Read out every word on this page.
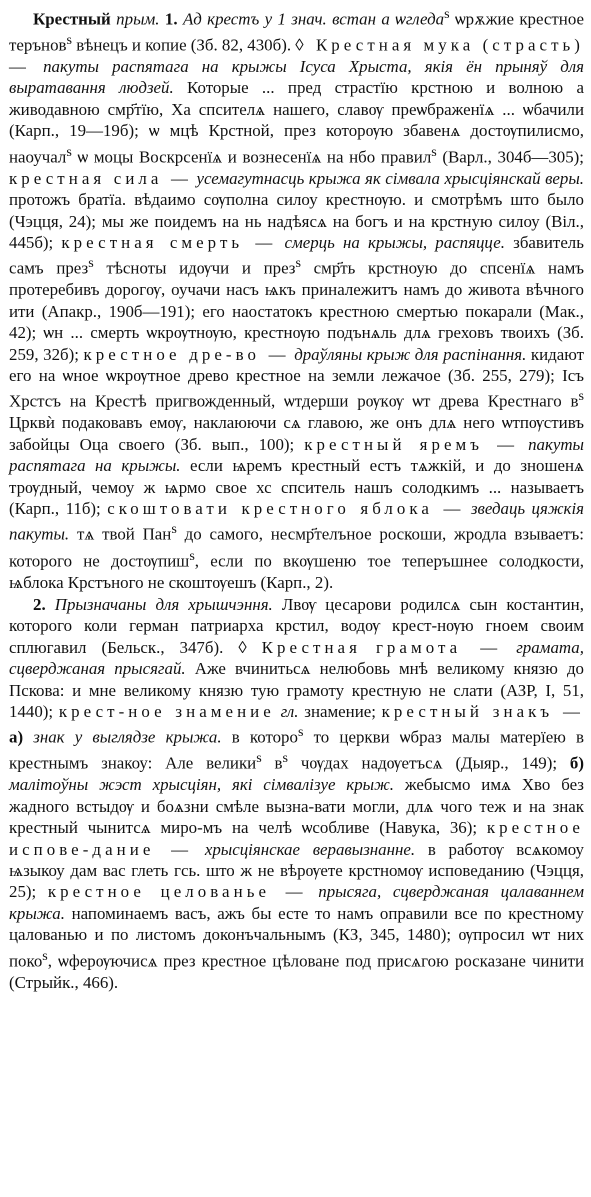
Крестный прым. 1. Ад крестъ у 1 знач. встан а ѡгледа$^s$ ѡрѫжие крестное терънов$^s$ вѣнецъ и копие (Зб. 82, 430б). ◊ Крестная мука (страсть) — пакуты распятага на крыжы Ісуса Хрыста, якія ён прыняў для выратавання людзей. Которые ... пред страстїю крстною и волною а живодавною смр҃тїю, Ха спсителѧ нашего, славѹ преѡбраженїѧ ... ѡбачили (Карп., 19—19б); ѡ мцѣ Крстной, през которѹю збавенѧ достѹпилисмо, наоучал$^s$ ѡ моцы Воскрсенїѧ и вознесенїѧ на нбо правил$^s$ (Варл., 304б—305); крестная сила — усемагутнасць крыжа як сімвала хрысціянскай веры. протожъ братїа. вѣдаимо сѹполна силоу крестнѹю. и смотрѣмъ што было (Чэцця, 24); мы же поидемъ на нь надѣясѧ на богъ и на крстную силоу (Віл., 445б); крестная смерть — смерць на крыжы, распяцце. збавитель самъ през$^s$ тѣсноты идѹчи и през$^s$ смр҃ть крстноую до спсенїѧ намъ протеребивъ дорогѹ, оучачи насъ ѩкъ приналежитъ намъ до живота вѣчного ити (Апакр., 190б—191); его наостатокъ крестною смертью покарали (Мак., 42); ѡн ... смерть ѡкрѹтнѹю, крестнѹю подънѧль длѧ греховъ твоихъ (Зб. 259, 32б); крестное дре-во — драўляны крыж для распінання. кидают его на ѡное ѡкрѹтное древо крестное на земли лежачое (Зб. 255, 279); Ісъ Хрстсъ на Крестѣ пригвожденный, ѡтдерши рѹкѹ ѡт древа Крестнаго $в^s$ Црквѝ подаковавъ емѹ, наклаюючи сѧ главою, же онъ длѧ него ѡтпѹстивъ забойцы Оца своего (Зб. вып., 100); крестный яремъ — пакуты распятага на крыжы. если ѩремъ крестный естъ тѧжкій, и до зношенѧ трѹдный, чемоу ж ѩрмо свое хс спситель нашъ солодкимъ ... называетъ (Карп., 11б); скоштовати крестного яблока — зведаць цяжкія пакуты. тѧ твой Пан$^s$ до самого, несмр҃телъное роскоши, жродла взываетъ: которого не достѹпиш$^s$, если по вкѹшеню тое теперъшнее солодкости, ѩблока Крстъного не скоштѹешъ (Карп., 2).

2. Прызначаны для хрышчэння. Лвѹ цесарови родилсѧ сын костантин, которого коли герман патриарха крстил, водѹ крест-нѹю гноем своим сплюгавил (Бельск., 347б). ◊ Крестная грамота — грамата, сцверджаная прысягай. Аже вчинитьсѧ нелюбовь мнѣ великому князю до Пскова: и мне великому князю тую грамоту крестную не слати (АЗР, І, 51, 1440); крест-ное знамение гл. знамение; крестный знакъ — а) знак у выглядзе крыжа. в которо$^s$ то церкви ѡбраз малы матерїею в крестнымъ знакоу: Але велики$^s$ $в^s$ чѹдах надѹетъсѧ (Дыяр., 149); б) малітоўны жэст хрысціян, які сімвалізуе крыж. жебысмо имѧ Хво без жадного встыдѹ и боѧзни смѣле вызна-вати могли, длѧ чого теж и на знак крестный чынитсѧ миро-мъ на челѣ ѡсобливе (Навука, 36); крестное испове-дание — хрысціянскае веравызнанне. в работѹ всѧкомоу ѩзыкоу дам вас глеть гсь. што ж не вѣрѹете крстномѹ исповеданию (Чэцця, 25); крестное целованье — прысяга, сцверджаная цалаваннем крыжа. напоминаемъ васъ, ажъ бы есте то намъ оправили все по крестному цалованью и по листомъ доконъчальнымъ (КЗ, 345, 1480); ѹпросил ѡт них поко$^s$, ѡферѹючисѧ през крестное цѣловане под присѧгою росказане чинити (Стрыйк., 466).
